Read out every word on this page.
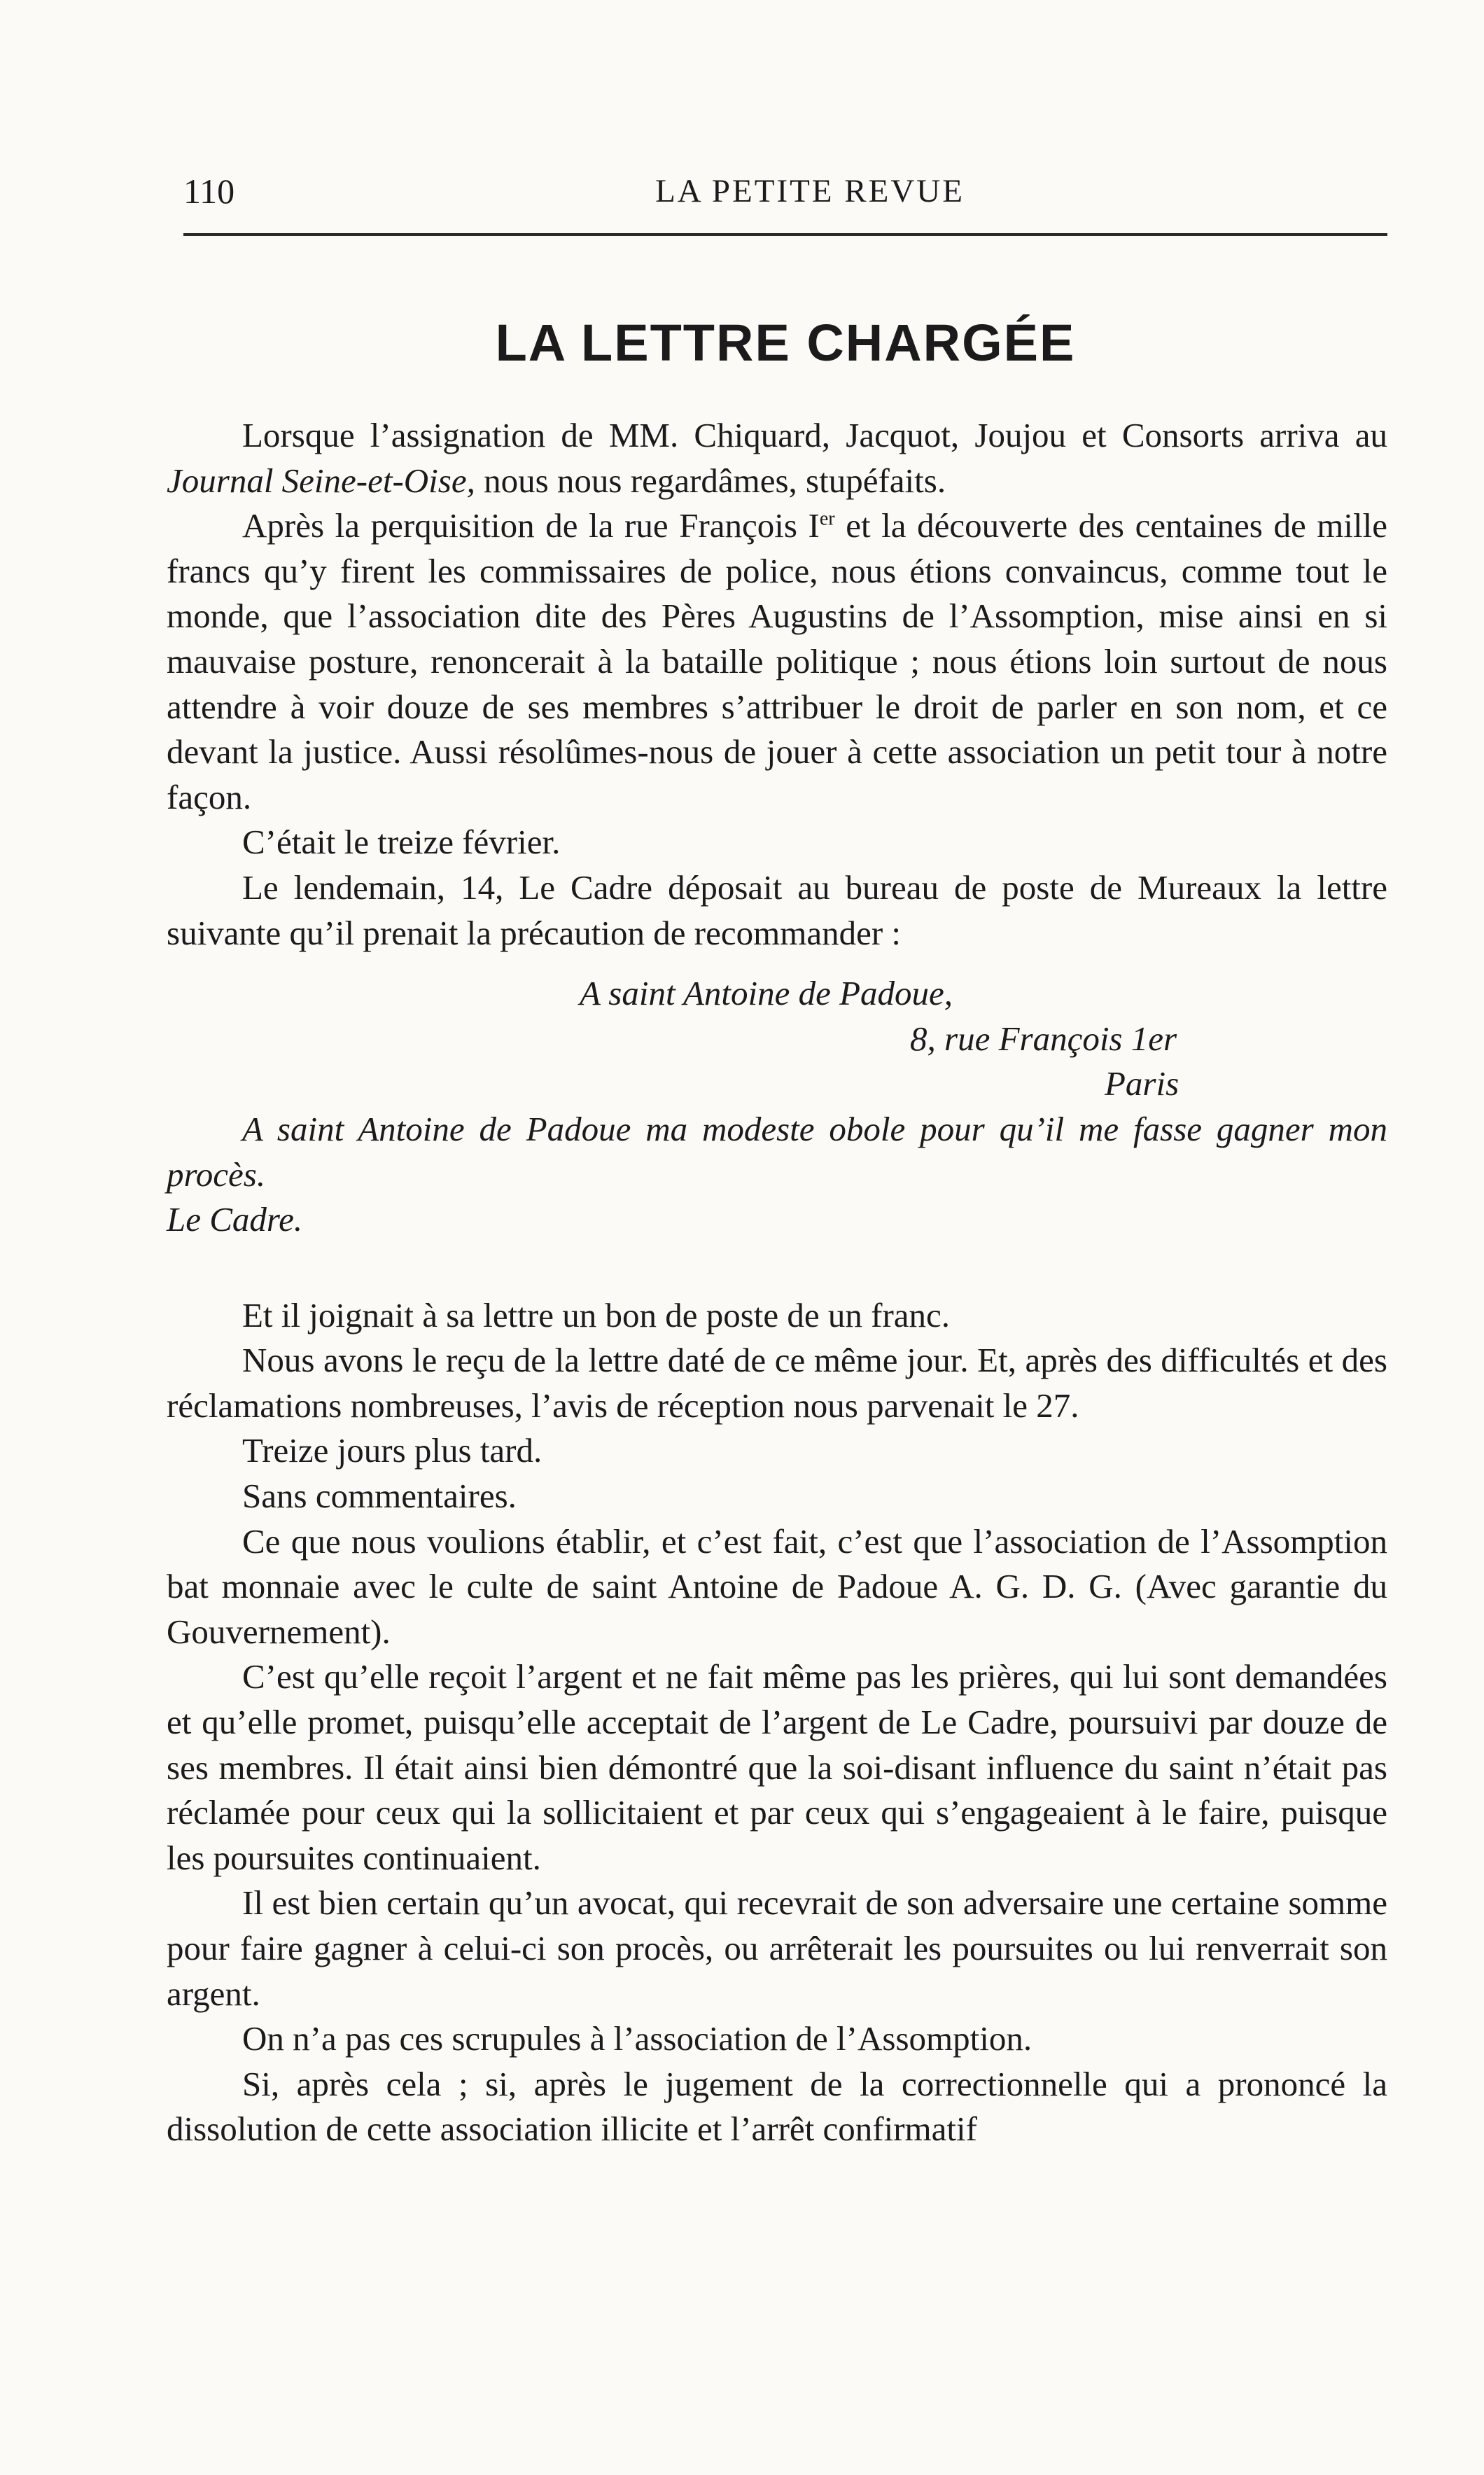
110	LA PETITE REVUE
LA LETTRE CHARGÉE

Lorsque l’assignation de MM. Chiquard, Jacquot, Joujou et Consorts arriva au Journal Seine-et-Oise, nous nous regardâmes, stupéfaits.

Après la perquisition de la rue François Ier et la découverte des centaines de mille francs qu’y firent les commissaires de police, nous étions convaincus, comme tout le monde, que l’association dite des Pères Augustins de l’Assomption, mise ainsi en si mauvaise posture, renoncerait à la bataille politique ; nous étions loin surtout de nous attendre à voir douze de ses membres s’attribuer le droit de parler en son nom, et ce devant la justice. Aussi résolûmes-nous de jouer à cette association un petit tour à notre façon.

C’était le treize février.

Le lendemain, 14, Le Cadre déposait au bureau de poste de Mureaux la lettre suivante qu’il prenait la précaution de recommander :

A saint Antoine de Padoue,

8, rue François 1er

Paris

A saint Antoine de Padoue ma modeste obole pour qu’il me fasse gagner mon procès.

Le Cadre.

Et il joignait à sa lettre un bon de poste de un franc.

Nous avons le reçu de la lettre daté de ce même jour. Et, après des difficultés et des réclamations nombreuses, l’avis de réception nous parvenait le 27.

Treize jours plus tard.

Sans commentaires.

Ce que nous voulions établir, et c’est fait, c’est que l’association de l’Assomption bat monnaie avec le culte de saint Antoine de Padoue A. G. D. G. (Avec garantie du Gouvernement).

C’est qu’elle reçoit l’argent et ne fait même pas les prières, qui lui sont demandées et qu’elle promet, puisqu’elle acceptait de l’argent de Le Cadre, poursuivi par douze de ses membres. Il était ainsi bien démontré que la soi-disant influence du saint n’était pas réclamée pour ceux qui la sollicitaient et par ceux qui s’engageaient à le faire, puisque les poursuites continuaient.

Il est bien certain qu’un avocat, qui recevrait de son adversaire une certaine somme pour faire gagner à celui-ci son procès, ou arrêterait les poursuites ou lui renverrait son argent.

On n’a pas ces scrupules à l’association de l’Assomption.

Si, après cela ; si, après le jugement de la correctionnelle qui a prononcé la dissolution de cette association illicite et l’arrêt confirmatif
